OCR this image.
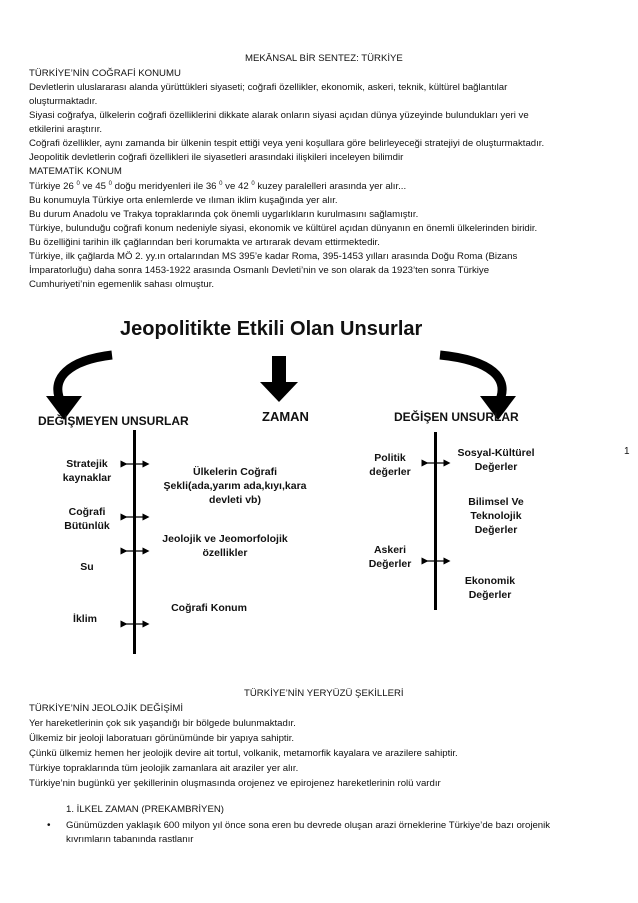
MEKÂNSAL BİR SENTEZ: TÜRKİYE
TÜRKİYE’NİN COĞRAFİ KONUMU
Devletlerin uluslararası alanda yürüttükleri siyaseti; coğrafi özellikler, ekonomik, askeri, teknik, kültürel bağlantılar
oluşturmaktadır.
Siyasi coğrafya, ülkelerin coğrafi özelliklerini dikkate alarak onların siyasi açıdan dünya yüzeyinde bulundukları yeri ve
etkilerini araştırır.
Coğrafi özellikler, aynı zamanda bir ülkenin tespit ettiği veya yeni koşullara göre belirleyeceği stratejiyi de oluşturmaktadır.
Jeopolitik devletlerin coğrafi özellikleri ile siyasetleri arasındaki ilişkileri inceleyen bilimdir
MATEMATİK KONUM
Türkiye 26 $^0$ ve 45 $^0$ doğu meridyenleri ile 36 $^0$ ve 42 $^0$ kuzey paralelleri arasında yer alır...
Bu konumuyla Türkiye orta enlemlerde ve ılıman iklim kuşağında yer alır.
Bu durum Anadolu ve Trakya topraklarında çok önemli uygarlıkların kurulmasını sağlamıştır.
Türkiye, bulunduğu coğrafi konum nedeniyle siyasi, ekonomik ve kültürel açıdan dünyanın en önemli ülkelerinden biridir.
Bu özelliğini tarihin ilk çağlarından beri korumakta ve artırarak devam ettirmektedir.
Türkiye, ilk çağlarda MÖ 2. yy.ın ortalarından MS 395’e kadar Roma, 395-1453 yılları arasında Doğu Roma (Bizans
İmparatorluğu) daha sonra 1453-1922 arasında Osmanlı Devleti’nin ve son olarak da 1923’ten sonra Türkiye
Cumhuriyeti’nin egemenlik sahası olmuştur.
Jeopolitikte Etkili Olan Unsurlar
DEĞİŞMEYEN UNSURLAR	ZAMAN	DEĞİŞEN UNSURLAR
Stratejik
kaynaklar
Coğrafi
Bütünlük
Su
İklim
Ülkelerin Coğrafi
Şekli(ada,yarım ada,kıyı,kara
devleti vb)
Jeolojik ve Jeomorfolojik
özellikler
Coğrafi Konum
Politik
değerler
Askeri
Değerler
Sosyal-Kültürel
Değerler
Bilimsel Ve
Teknolojik
Değerler
Ekonomik
Değerler
1
TÜRKİYE’NİN YERYÜZÜ ŞEKİLLERİ
TÜRKİYE’NİN JEOLOJİK DEĞİŞİMİ
Yer hareketlerinin çok sık yaşandığı bir bölgede bulunmaktadır.
Ülkemiz bir jeoloji laboratuarı görünümünde bir yapıya sahiptir.
Çünkü ülkemiz hemen her jeolojik devire ait tortul, volkanik, metamorfik kayalara ve arazilere sahiptir.
Türkiye topraklarında tüm jeolojik zamanlara ait araziler yer alır.
Türkiye’nin bugünkü yer şekillerinin oluşmasında orojenez ve epirojenez hareketlerinin rolü vardır
1. İLKEL ZAMAN (PREKAMBRİYEN)
• Günümüzden yaklaşık 600 milyon yıl önce sona eren bu devrede oluşan arazi örneklerine Türkiye’de bazı orojenik
kıvrımların tabanında rastlanır
